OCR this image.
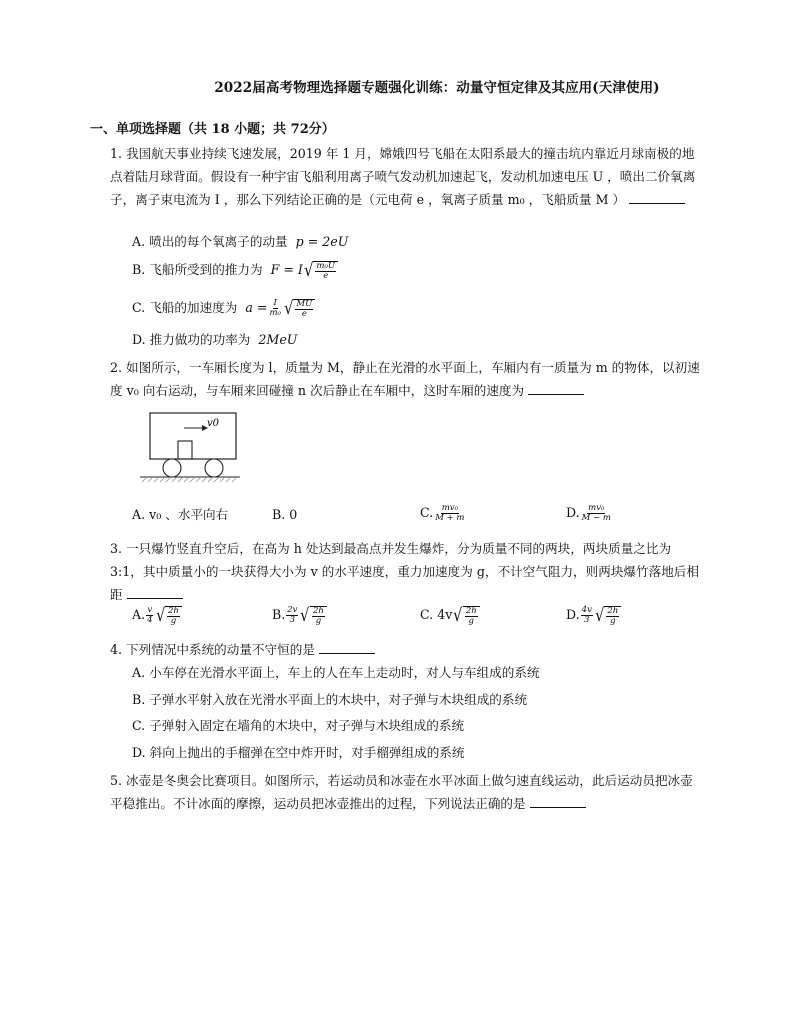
2022届高考物理选择题专题强化训练：动量守恒定律及其应用(天津使用)
一、单项选择题（共 18 小题；共 72分）

1. 我国航天事业持续飞速发展，2019 年 1 月，嫦娥四号飞船在太阳系最大的撞击坑内靠近月球南极的地点着陆月球背面。假设有一种宇宙飞船利用离子喷气发动机加速起飞，发动机加速电压 U ，喷出二价氧离子，离子束电流为 I ，那么下列结论正确的是（元电荷 e ，氧离子质量 m₀ ，飞船质量 M ）

A. 喷出的每个氧离子的动量 p = 2eU
B. 飞船所受到的推力为 F = I √ $\frac{\text{m₀U}}{e}$
C. 飞船的加速度为 $a = \frac{I}{\text{m₀}}$ √ $\frac{MU}{e}$
D. 推力做功的功率为 2MeU

2. 如图所示，一车厢长度为 l，质量为 M，静止在光滑的水平面上，车厢内有一质量为 m 的物体，以初速度 v₀ 向右运动，与车厢来回碰撞 n 次后静止在车厢中，这时车厢的速度为

v0
A. v₀ 、水平向右	B. 0	C. $\frac{\text{mv₀}}{M + m}$	D. $\frac{\text{mv₀}}{M - m}$

3. 一只爆竹竖直升空后，在高为 h 处达到最高点并发生爆炸，分为质量不同的两块，两块质量之比为 3:1，其中质量小的一块获得大小为 v 的水平速度，重力加速度为 g，不计空气阻力，则两块爆竹落地后相距

A. $\frac{v}{4}$ √ $\frac{2h}{g}$	B. $\frac{2v}{3}$ √ $\frac{2h}{g}$	C. 4v √ $\frac{2h}{g}$	D. $\frac{4v}{3}$ √ $\frac{2h}{g}$

4. 下列情况中系统的动量不守恒的是

A. 小车停在光滑水平面上，车上的人在车上走动时，对人与车组成的系统
B. 子弹水平射入放在光滑水平面上的木块中，对子弹与木块组成的系统
C. 子弹射入固定在墙角的木块中，对子弹与木块组成的系统
D. 斜向上抛出的手榴弹在空中炸开时，对手榴弹组成的系统

5. 冰壶是冬奥会比赛项目。如图所示，若运动员和冰壶在水平冰面上做匀速直线运动，此后运动员把冰壶平稳推出。不计冰面的摩擦，运动员把冰壶推出的过程，下列说法正确的是
